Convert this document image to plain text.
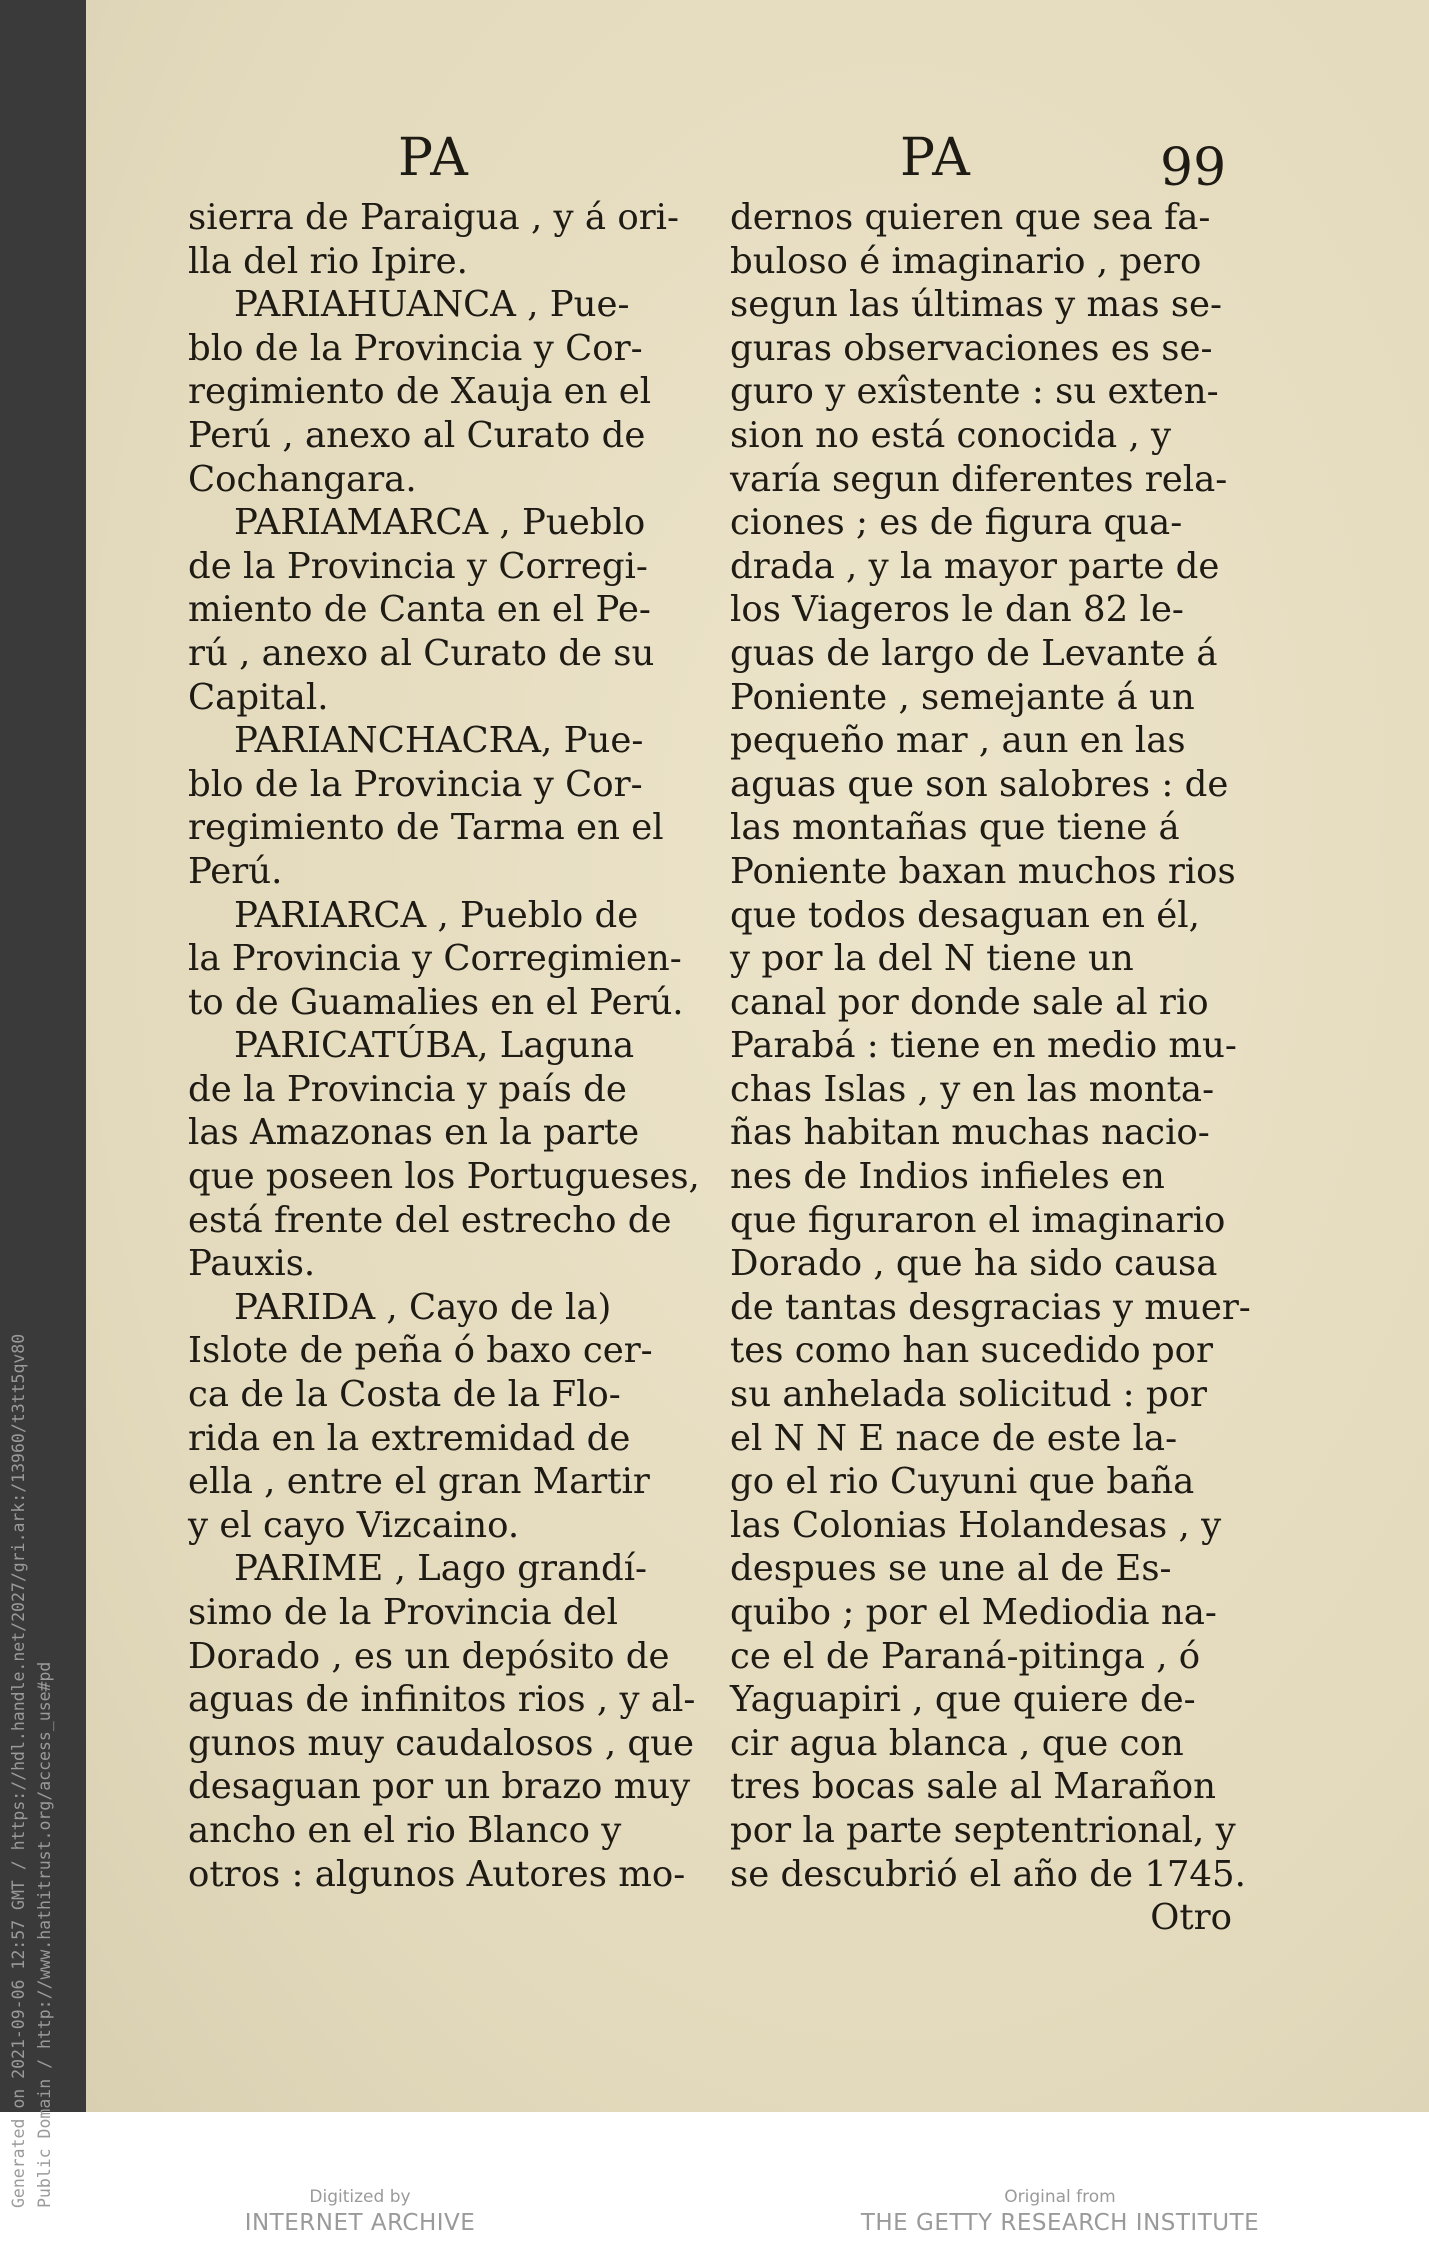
PA	PA	99
sierra de Paraigua , y á ori-
lla del rio Ipire.
PARIAHUANCA , Pue-
blo de la Provincia y Cor-
regimiento de Xauja en el
Perú , anexo al Curato de
Cochangara.
PARIAMARCA , Pueblo
de la Provincia y Corregi-
miento de Canta en el Pe-
rú , anexo al Curato de su
Capital.
PARIANCHACRA, Pue-
blo de la Provincia y Cor-
regimiento de Tarma en el
Perú.
PARIARCA , Pueblo de
la Provincia y Corregimien-
to de Guamalies en el Perú.
PARICATÚBA, Laguna
de la Provincia y país de
las Amazonas en la parte
que poseen los Portugueses,
está frente del estrecho de
Pauxis.
PARIDA , Cayo de la)
Islote de peña ó baxo cer-
ca de la Costa de la Flo-
rida en la extremidad de
ella , entre el gran Martir
y el cayo Vizcaino.
PARIME , Lago grandí-
simo de la Provincia del
Dorado , es un depósito de
aguas de infinitos rios , y al-
gunos muy caudalosos , que
desaguan por un brazo muy
ancho en el rio Blanco y
otros : algunos Autores mo-
dernos quieren que sea fa-
buloso é imaginario , pero
segun las últimas y mas se-
guras observaciones es se-
guro y exîstente : su exten-
sion no está conocida , y
varía segun diferentes rela-
ciones ; es de figura qua-
drada , y la mayor parte de
los Viageros le dan 82 le-
guas de largo de Levante á
Poniente , semejante á un
pequeño mar , aun en las
aguas que son salobres : de
las montañas que tiene á
Poniente baxan muchos rios
que todos desaguan en él,
y por la del N tiene un
canal por donde sale al rio
Parabá : tiene en medio mu-
chas Islas , y en las monta-
ñas habitan muchas nacio-
nes de Indios infieles en
que figuraron el imaginario
Dorado , que ha sido causa
de tantas desgracias y muer-
tes como han sucedido por
su anhelada solicitud : por
el N N E nace de este la-
go el rio Cuyuni que baña
las Colonias Holandesas , y
despues se une al de Es-
quibo ; por el Mediodia na-
ce el de Paraná-pitinga , ó
Yaguapiri , que quiere de-
cir agua blanca , que con
tres bocas sale al Marañon
por la parte septentrional, y
se descubrió el año de 1745.
Otro
Generated on 2021-09-06 12:57 GMT / https://hdl.handle.net/2027/gri.ark:/13960/t3tt5qv80 Public Domain / http://www.hathitrust.org/access_use#pd	Digitized by
INTERNET ARCHIVE
Original from
THE GETTY RESEARCH INSTITUTE
